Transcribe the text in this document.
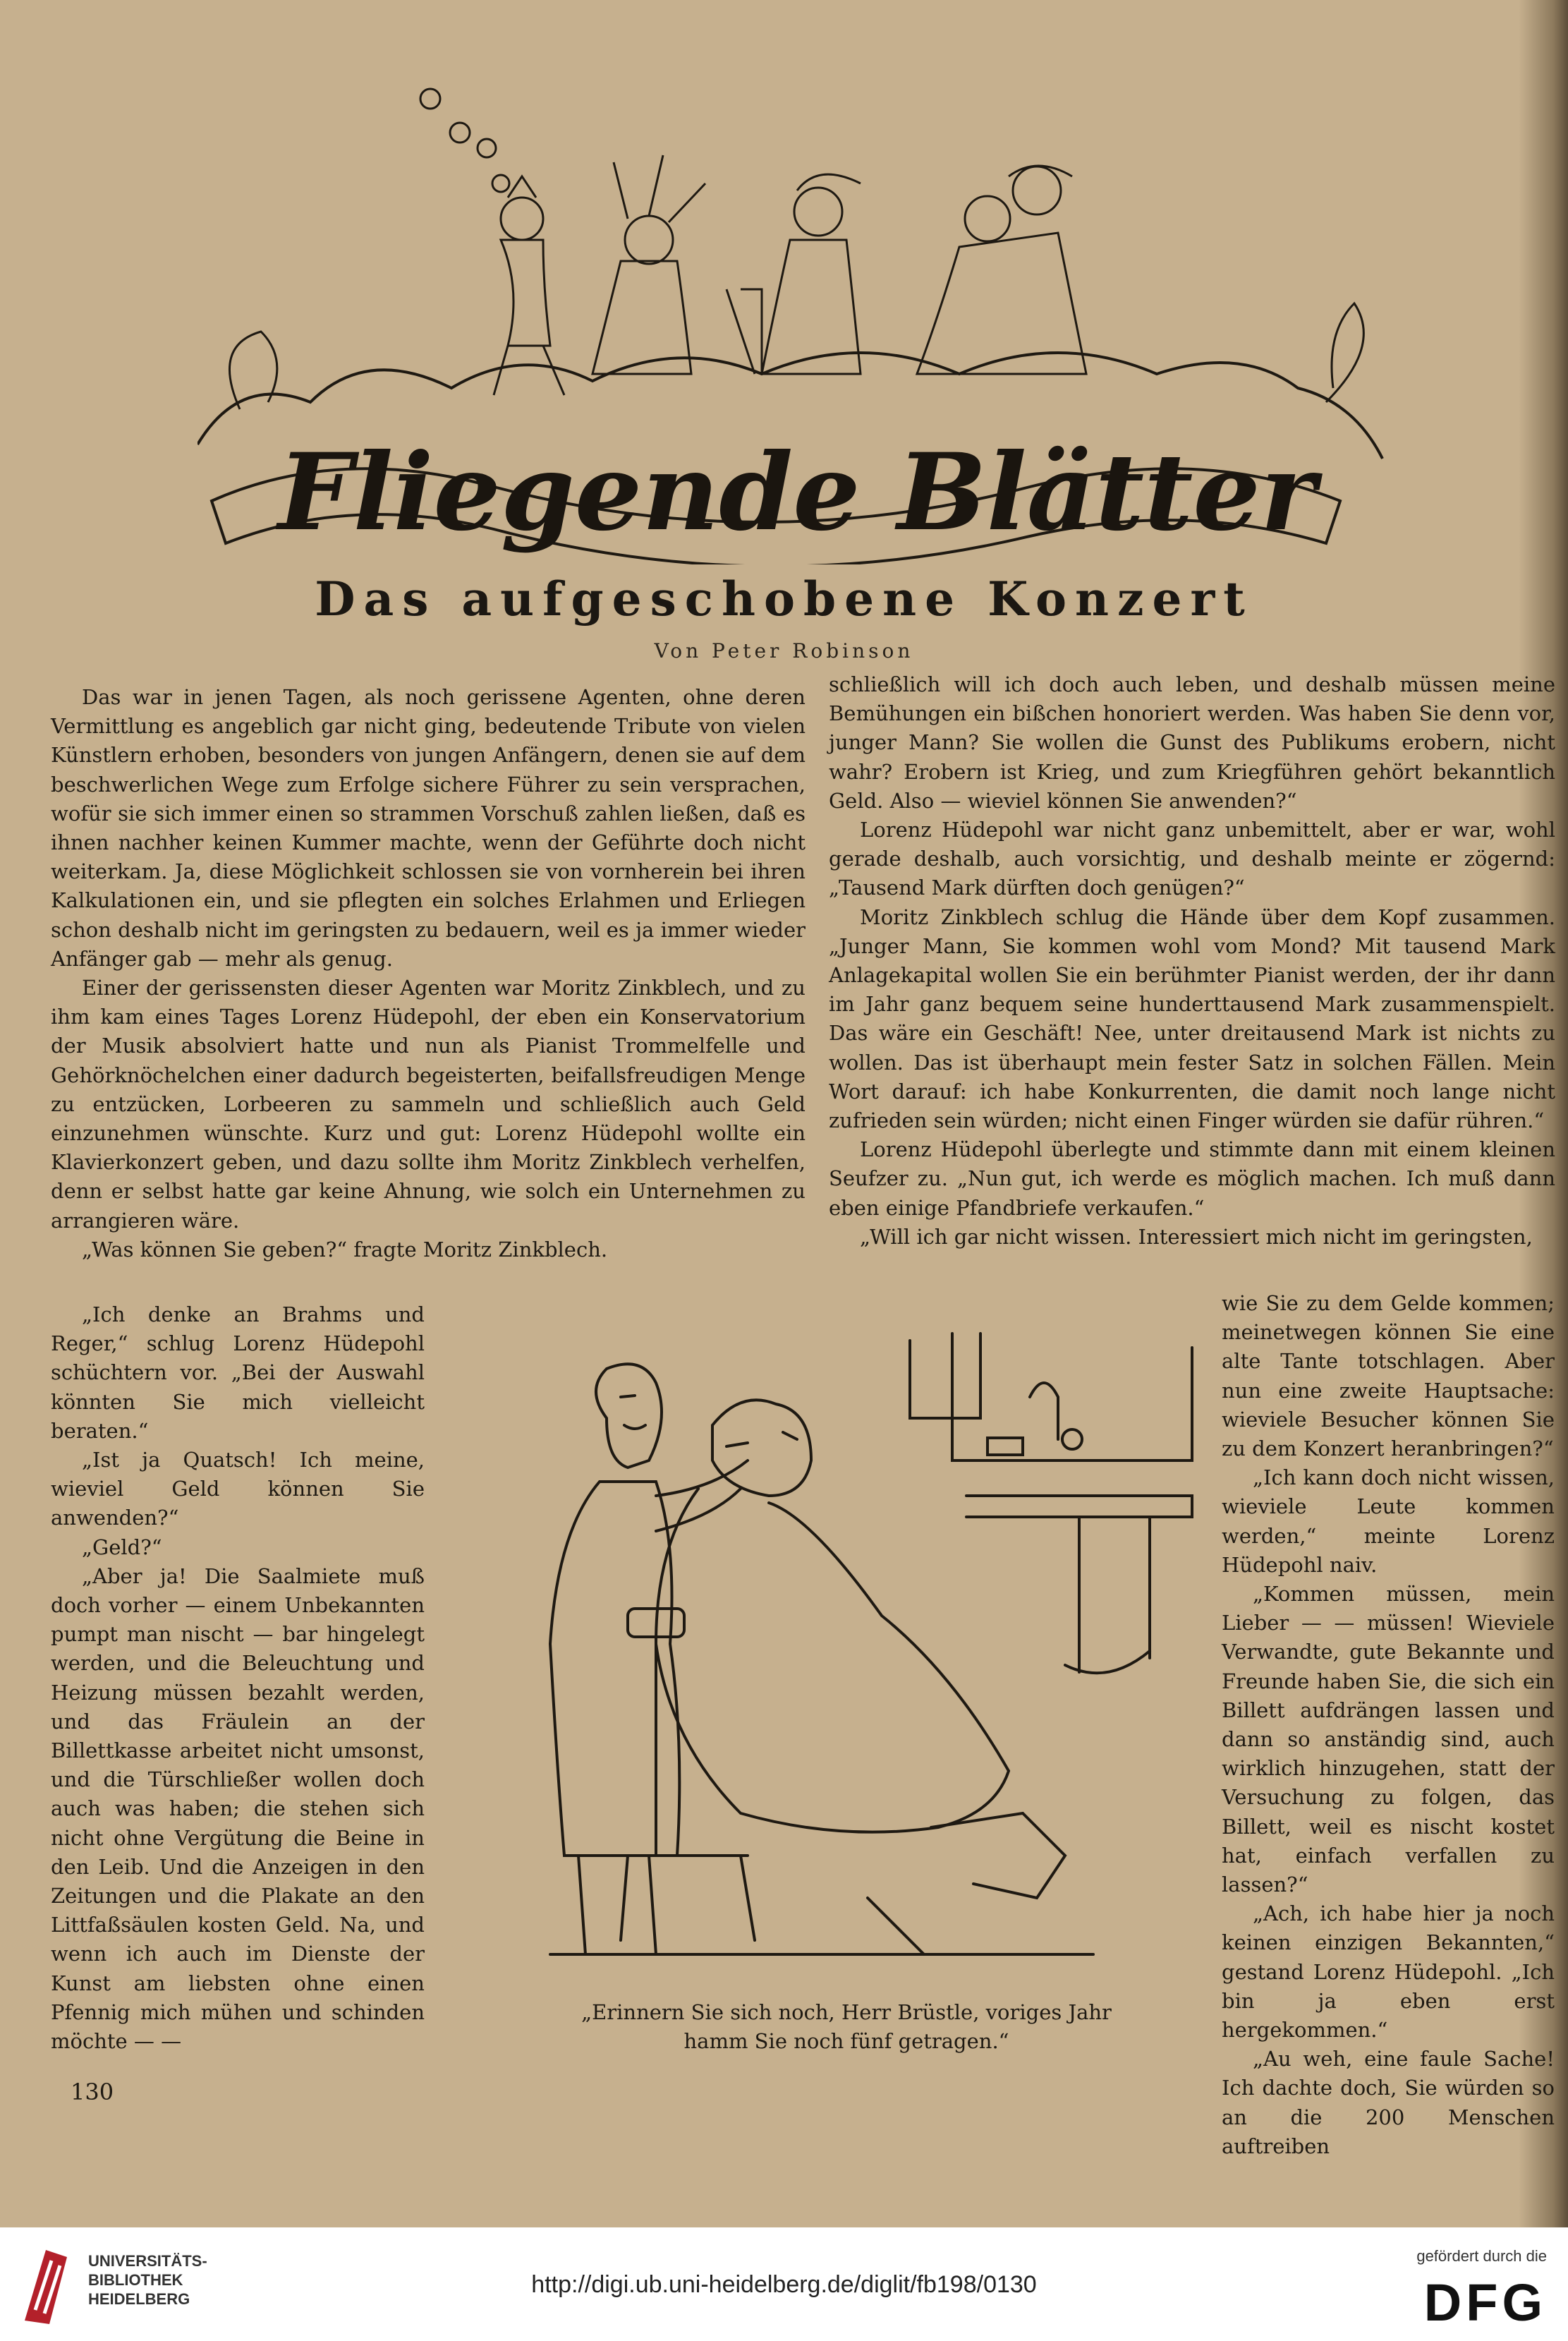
Fliegende Blätter
Das aufgeschobene Konzert
Von Peter Robinson

Das war in jenen Tagen, als noch gerissene Agenten, ohne deren Vermittlung es angeblich gar nicht ging, bedeutende Tribute von vielen Künstlern erhoben, besonders von jungen Anfängern, denen sie auf dem beschwerlichen Wege zum Erfolge sichere Führer zu sein versprachen, wofür sie sich immer einen so strammen Vorschuß zahlen ließen, daß es ihnen nachher keinen Kummer machte, wenn der Geführte doch nicht weiterkam. Ja, diese Möglichkeit schlossen sie von vornherein bei ihren Kalkulationen ein, und sie pflegten ein solches Erlahmen und Erliegen schon deshalb nicht im geringsten zu bedauern, weil es ja immer wieder Anfänger gab — mehr als genug.

Einer der gerissensten dieser Agenten war Moritz Zinkblech, und zu ihm kam eines Tages Lorenz Hüdepohl, der eben ein Konservatorium der Musik absolviert hatte und nun als Pianist Trommelfelle und Gehörknöchelchen einer dadurch begeisterten, beifallsfreudigen Menge zu entzücken, Lorbeeren zu sammeln und schließlich auch Geld einzunehmen wünschte. Kurz und gut: Lorenz Hüdepohl wollte ein Klavierkonzert geben, und dazu sollte ihm Moritz Zinkblech verhelfen, denn er selbst hatte gar keine Ahnung, wie solch ein Unternehmen zu arrangieren wäre.

„Was können Sie geben?“ fragte Moritz Zinkblech.

„Ich denke an Brahms und Reger,“ schlug Lorenz Hüdepohl schüchtern vor. „Bei der Auswahl könnten Sie mich vielleicht beraten.“

„Ist ja Quatsch! Ich meine, wieviel Geld können Sie anwenden?“

„Geld?“

„Aber ja! Die Saalmiete muß doch vorher — einem Unbekannten pumpt man nischt — bar hingelegt werden, und die Beleuchtung und Heizung müssen bezahlt werden, und das Fräulein an der Billettkasse arbeitet nicht umsonst, und die Türschließer wollen doch auch was haben; die stehen sich nicht ohne Vergütung die Beine in den Leib. Und die Anzeigen in den Zeitungen und die Plakate an den Littfaßsäulen kosten Geld. Na, und wenn ich auch im Dienste der Kunst am liebsten ohne einen Pfennig mich mühen und schinden möchte — —

schließlich will ich doch auch leben, und deshalb müssen meine Bemühungen ein bißchen honoriert werden. Was haben Sie denn vor, junger Mann? Sie wollen die Gunst des Publikums erobern, nicht wahr? Erobern ist Krieg, und zum Kriegführen gehört bekanntlich Geld. Also — wieviel können Sie anwenden?“

Lorenz Hüdepohl war nicht ganz unbemittelt, aber er war, wohl gerade deshalb, auch vorsichtig, und deshalb meinte er zögernd: „Tausend Mark dürften doch genügen?“

Moritz Zinkblech schlug die Hände über dem Kopf zusammen. „Junger Mann, Sie kommen wohl vom Mond? Mit tausend Mark Anlagekapital wollen Sie ein berühmter Pianist werden, der ihr dann im Jahr ganz bequem seine hunderttausend Mark zusammenspielt. Das wäre ein Geschäft! Nee, unter dreitausend Mark ist nichts zu wollen. Das ist überhaupt mein fester Satz in solchen Fällen. Mein Wort darauf: ich habe Konkurrenten, die damit noch lange nicht zufrieden sein würden; nicht einen Finger würden sie dafür rühren.“

Lorenz Hüdepohl überlegte und stimmte dann mit einem kleinen Seufzer zu. „Nun gut, ich werde es möglich machen. Ich muß dann eben einige Pfandbriefe verkaufen.“

„Will ich gar nicht wissen. Interessiert mich nicht im geringsten,

wie Sie zu dem Gelde kommen; meinetwegen können Sie eine alte Tante totschlagen. Aber nun eine zweite Hauptsache: wieviele Besucher können Sie zu dem Konzert heranbringen?“

„Ich kann doch nicht wissen, wieviele Leute kommen werden,“ meinte Lorenz Hüdepohl naiv.

„Kommen müssen, mein Lieber — — müssen! Wieviele Verwandte, gute Bekannte und Freunde haben Sie, die sich ein Billett aufdrängen lassen und dann so anständig sind, auch wirklich hinzugehen, statt der Versuchung zu folgen, das Billett, weil es nischt kostet hat, einfach verfallen zu lassen?“

„Ach, ich habe hier ja noch keinen einzigen Bekannten,“ gestand Lorenz Hüdepohl. „Ich bin ja eben erst hergekommen.“

„Au weh, eine faule Sache! Ich dachte doch, Sie würden so an die 200 Menschen auftreiben

„Erinnern Sie sich noch, Herr Brüstle, voriges Jahr
hamm Sie noch fünf getragen.“
130
UNIVERSITÄTS-
BIBLIOTHEK
HEIDELBERG
http://digi.ub.uni-heidelberg.de/diglit/fb198/0130
gefördert durch die
DFG
